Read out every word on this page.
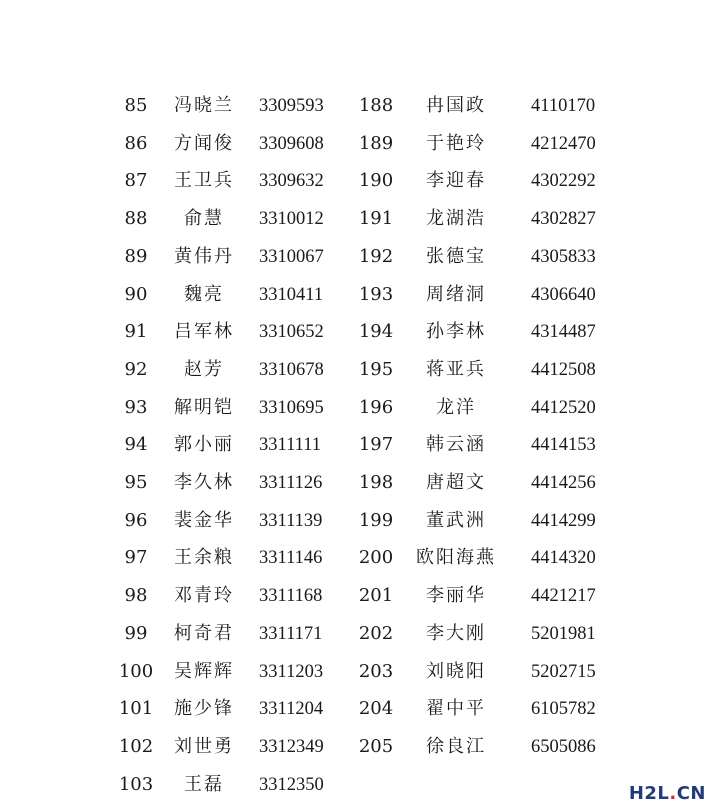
85	冯晓兰	3309593	188	冉国政	4110170
86	方闻俊	3309608	189	于艳玲	4212470
87	王卫兵	3309632	190	李迎春	4302292
88	俞慧	3310012	191	龙湖浩	4302827
89	黄伟丹	3310067	192	张德宝	4305833
90	魏亮	3310411	193	周绪洞	4306640
91	吕军林	3310652	194	孙李林	4314487
92	赵芳	3310678	195	蒋亚兵	4412508
93	解明铠	3310695	196	龙洋	4412520
94	郭小丽	3311111	197	韩云涵	4414153
95	李久林	3311126	198	唐超文	4414256
96	裴金华	3311139	199	董武洲	4414299
97	王余粮	3311146	200	欧阳海燕	4414320
98	邓青玲	3311168	201	李丽华	4421217
99	柯奇君	3311171	202	李大刚	5201981
100	吴辉辉	3311203	203	刘晓阳	5202715
101	施少锋	3311204	204	翟中平	6105782
102	刘世勇	3312349	205	徐良江	6505086
103	王磊	3312350	H2L.CN
